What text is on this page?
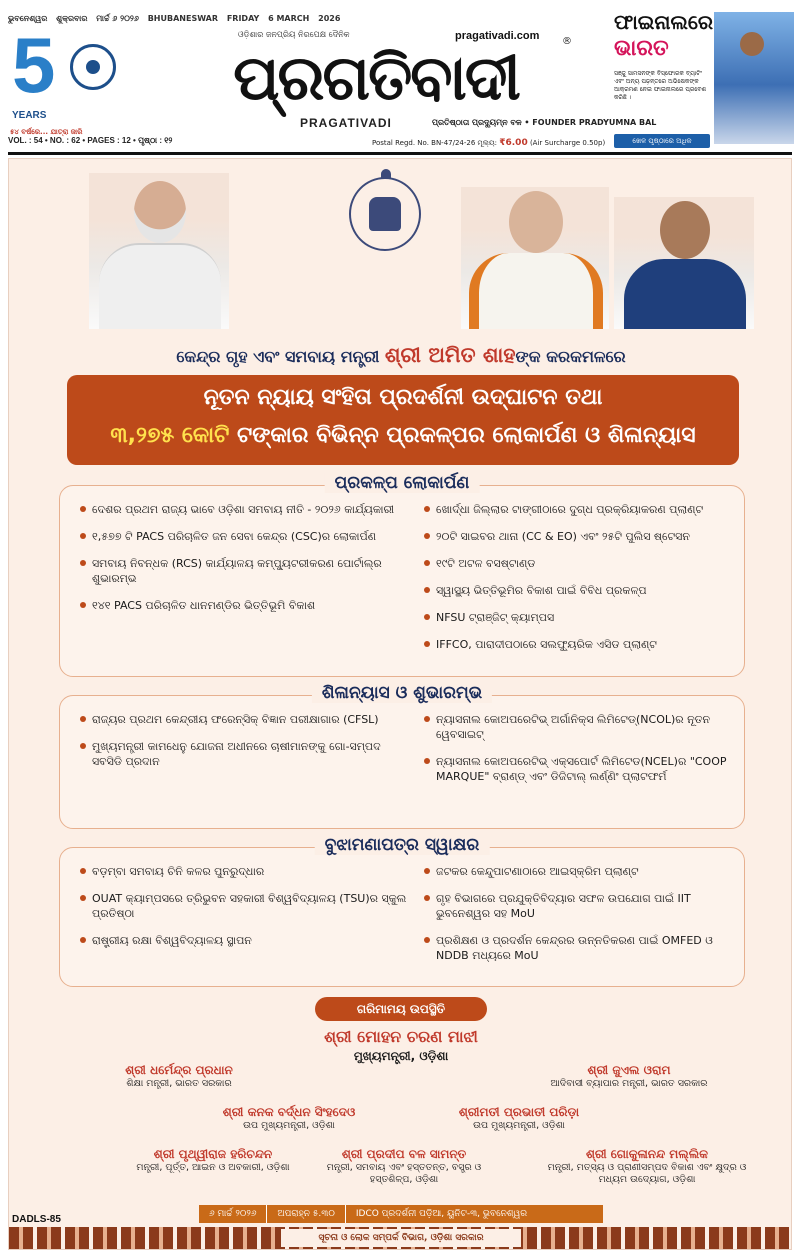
ଭୁବନେଶ୍ୱର ଶୁକ୍ରବାର ମାର୍ଚ୍ଚ ୬ ୨୦୨୬ BHUBANESWAR FRIDAY 6 MARCH 2026
5
YEARS
୫୪ ବର୍ଷରେ... ଯାତ୍ରା ଜାରି
ଓଡ଼ିଶାର ଜନପ୍ରିୟ ନିରପେକ୍ଷ ଦୈନିକ	pragativadi.com
ପ୍ରଗତିବାଦୀ	®
PRAGATIVADI	ପ୍ରତିଷ୍ଠାତା ପ୍ରଦ୍ୟୁମ୍ନ ବଳ • FOUNDER PRADYUMNA BAL
ଫାଇନାଲରେ
ଭାରତ
ସଞ୍ଜୁ ସାମସନଙ୍କ ବିସ୍ଫୋରକ ବ୍ୟାଟିଂ ଏବଂ ଅନ୍ୟ ପଢ଼ନ୍ତରେ ଅଭିଷେକଙ୍କ ଆକ୍ରମଣ ନେଇ ଫାଇନାଲରେ ପ୍ରବେଶ କରିଛି ।
ଖେଳ ପୃଷ୍ଠାରେ ଅଧିକ
VOL. : 54 • NO. : 62 • PAGES : 12 • ପୃଷ୍ଠା : ୧୨	Postal Regd. No. BN-47/24-26 ମୂଲ୍ୟ: ₹6.00 (Air Surcharge 0.50p)
କେନ୍ଦ୍ର ଗୃହ ଏବଂ ସମବାୟ ମନ୍ତ୍ରୀ ଶ୍ରୀ ଅମିତ ଶାହଙ୍କ କରକମଳରେ
ନୂତନ ନ୍ୟାୟ ସଂହିତା ପ୍ରଦର୍ଶନୀ ଉଦ୍‌ଘାଟନ ତଥା
୩,୨୭୫ କୋଟି ଟଙ୍କାର ବିଭିନ୍ନ ପ୍ରକଳ୍ପର ଲୋକାର୍ପଣ ଓ ଶିଳାନ୍ୟାସ
ପ୍ରକଳ୍ପ ଲୋକାର୍ପଣ
ଦେଶର ପ୍ରଥମ ରାଜ୍ୟ ଭାବେ ଓଡ଼ିଶା ସମବାୟ ନୀତି - ୨୦୨୬ କାର୍ଯ୍ୟକାରୀ
୧,୫୭୭ ଟି PACS ପରିଚାଳିତ ଜନ ସେବା କେନ୍ଦ୍ର (CSC)ର ଲୋକାର୍ପଣ
ସମବାୟ ନିବନ୍ଧକ (RCS) କାର୍ଯ୍ୟାଳୟ କମ୍ପ୍ୟୁଟରୀକରଣ ପୋର୍ଟାଲ୍‌ର ଶୁଭାରମ୍ଭ
୧୪୧ PACS ପରିଚାଳିତ ଧାନମଣ୍ଡିର ଭିତ୍ତିଭୂମି ବିକାଶ
ଖୋର୍ଦ୍ଧା ଜିଲ୍ଲାର ଟାଙ୍ଗୀଠାରେ ଦୁଗ୍ଧ ପ୍ରକ୍ରିୟାକରଣ ପ୍ଲାଣ୍ଟ
୨୦ଟି ସାଇବର ଥାନା (CC & EO) ଏବଂ ୨୫ଟି ପୁଲିସ ଷ୍ଟେସନ
୧୯ଟି ଅଟଳ ବସଷ୍ଟାଣ୍ଡ
ସ୍ୱାସ୍ଥ୍ୟ ଭିତ୍ତିଭୂମିର ବିକାଶ ପାଇଁ ବିବିଧ ପ୍ରକଳ୍ପ
NFSU ଟ୍ରାଞ୍ଜିଟ୍ କ୍ୟାମ୍ପସ
IFFCO, ପାରାଦୀପଠାରେ ସଲଫ୍ୟୁରିକ ଏସିଡ ପ୍ଲାଣ୍ଟ
ଶିଳାନ୍ୟାସ ଓ ଶୁଭାରମ୍ଭ
ରାଜ୍ୟର ପ୍ରଥମ କେନ୍ଦ୍ରୀୟ ଫରେନ୍‌ସିକ୍ ବିଜ୍ଞାନ ପରୀକ୍ଷାଗାର (CFSL)
ମୁଖ୍ୟମନ୍ତ୍ରୀ କାମଧେନୁ ଯୋଜନା ଅଧୀନରେ ଚାଷୀମାନଙ୍କୁ ଗୋ-ସମ୍ପଦ ସବସିଡି ପ୍ରଦାନ
ନ୍ୟାସନାଲ କୋଅପରେଟିଭ୍ ଅର୍ଗାନିକ୍ସ ଲିମିଟେଡ୍(NCOL)ର ନୂତନ ୱେବସାଇଟ୍
ନ୍ୟାସନାଲ କୋଅପରେଟିଭ୍ ଏକ୍ସପୋର୍ଟ ଲିମିଟେଡ(NCEL)ର "COOP MARQUE" ବ୍ରାଣ୍ଡ୍ ଏବଂ ଡିଜିଟାଲ୍ ଲର୍ଣ୍ଣିଂ ପ୍ଲାଟଫର୍ମ
ବୁଝାମଣାପତ୍ର ସ୍ୱାକ୍ଷର
ବଡ଼ମ୍ବା ସମବାୟ ଚିନି କଳର ପୁନରୁଦ୍ଧାର
OUAT କ୍ୟାମ୍ପସରେ ତ୍ରିଭୁବନ ସହକାରୀ ବିଶ୍ୱବିଦ୍ୟାଳୟ (TSU)ର ସ୍କୁଲ ପ୍ରତିଷ୍ଠା
ରାଷ୍ଟ୍ରୀୟ ରକ୍ଷା ବିଶ୍ୱବିଦ୍ୟାଳୟ ସ୍ଥାପନ
ଜଟକର କେନ୍ଦୁପାଟଣାଠାରେ ଆଇସ୍‌କ୍ରିମ ପ୍ଲାଣ୍ଟ
ଗୃହ ବିଭାଗରେ ପ୍ରଯୁକ୍ତିବିଦ୍ୟାର ସଫଳ ଉପଯୋଗ ପାଇଁ IIT ଭୁବନେଶ୍ୱର ସହ MoU
ପ୍ରଶିକ୍ଷଣ ଓ ପ୍ରଦର୍ଶନ କେନ୍ଦ୍ରର ଉନ୍ନତିକରଣ ପାଇଁ OMFED ଓ NDDB ମଧ୍ୟରେ MoU
ଗରିମାମୟ ଉପସ୍ଥିତି
ଶ୍ରୀ ମୋହନ ଚରଣ ମାଝୀ
ମୁଖ୍ୟମନ୍ତ୍ରୀ, ଓଡ଼ିଶା
ଶ୍ରୀ ଧର୍ମେନ୍ଦ୍ର ପ୍ରଧାନ
ଶିକ୍ଷା ମନ୍ତ୍ରୀ, ଭାରତ ସରକାର
ଶ୍ରୀ ଜୁଏଲ ଓରାମ
ଆଦିବାସୀ ବ୍ୟାପାର ମନ୍ତ୍ରୀ, ଭାରତ ସରକାର
ଶ୍ରୀ କନକ ବର୍ଦ୍ଧନ ସିଂହଦେଓ
ଉପ ମୁଖ୍ୟମନ୍ତ୍ରୀ, ଓଡ଼ିଶା
ଶ୍ରୀମତୀ ପ୍ରଭାତୀ ପରିଡ଼ା
ଉପ ମୁଖ୍ୟମନ୍ତ୍ରୀ, ଓଡ଼ିଶା
ଶ୍ରୀ ପୃଥ୍ୱୀରାଜ ହରିଚନ୍ଦନ
ମନ୍ତ୍ରୀ, ପୂର୍ତ୍ତ, ଆଇନ ଓ ଅବକାରୀ, ଓଡ଼ିଶା
ଶ୍ରୀ ପ୍ରଦୀପ ବଳ ସାମନ୍ତ
ମନ୍ତ୍ରୀ, ସମବାୟ ଏବଂ ହସ୍ତତନ୍ତ, ବସ୍ତ୍ର ଓ ହସ୍ତଶିଳ୍ପ, ଓଡ଼ିଶା
ଶ୍ରୀ ଗୋକୁଳାନନ୍ଦ ମଲ୍ଲିକ
ମନ୍ତ୍ରୀ, ମତ୍ସ୍ୟ ଓ ପ୍ରାଣୀସମ୍ପଦ ବିକାଶ ଏବଂ କ୍ଷୁଦ୍ର ଓ ମଧ୍ୟମ ଉଦ୍ୟୋଗ, ଓଡ଼ିଶା
୬ ମାର୍ଚ୍ଚ ୨୦୨୬	ଅପରାହ୍ନ ୫.୩୦	IDCO ପ୍ରଦର୍ଶନୀ ପଡ଼ିଆ, ୟୁନିଟ-୩, ଭୁବନେଶ୍ୱର
ସୂଚନା ଓ ଲୋକ ସମ୍ପର୍କ ବିଭାଗ, ଓଡ଼ିଶା ସରକାର
DADLS-85
